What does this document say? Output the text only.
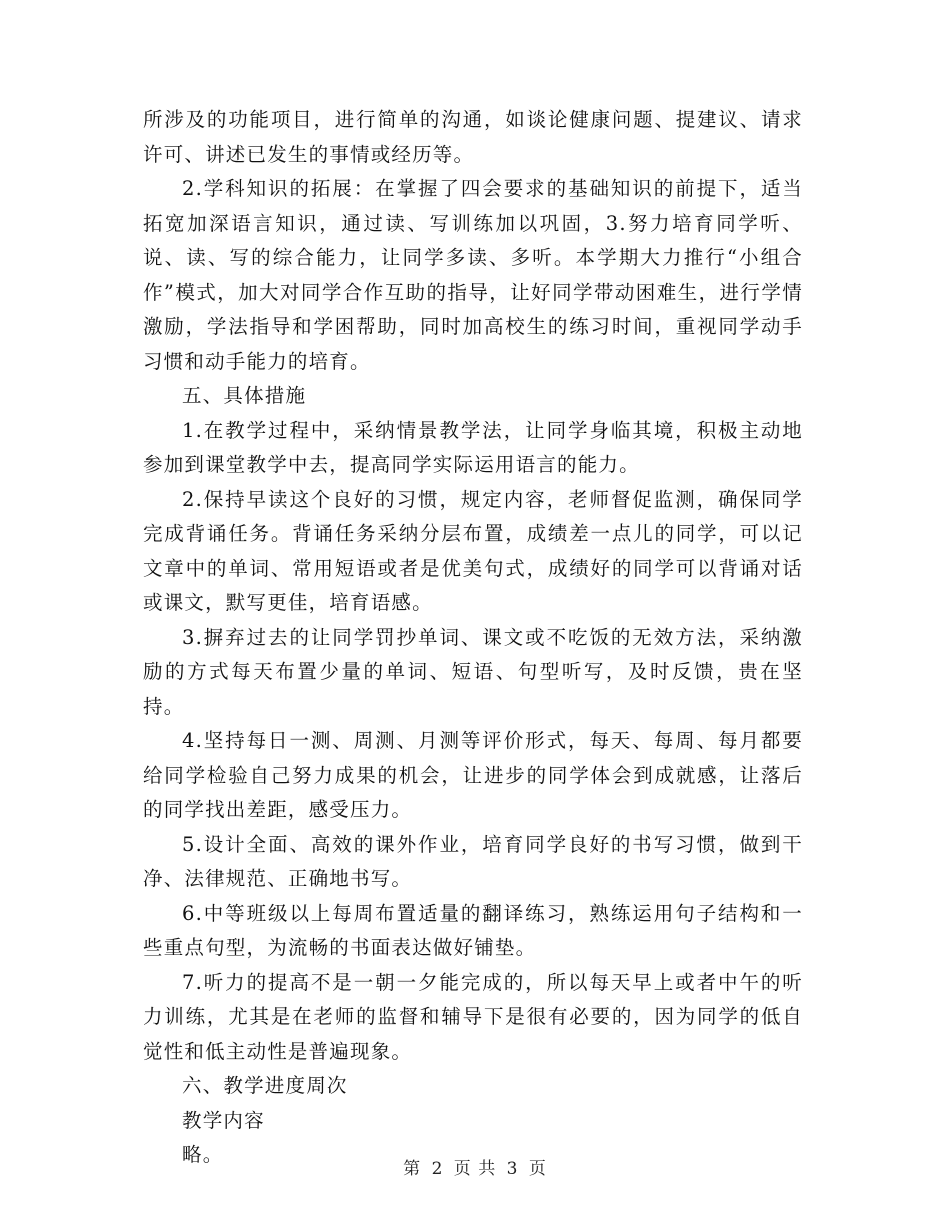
所涉及的功能项目，进行简单的沟通，如谈论健康问题、提建议、请求许可、讲述已发生的事情或经历等。

2.学科知识的拓展：在掌握了四会要求的基础知识的前提下，适当拓宽加深语言知识，通过读、写训练加以巩固，3.努力培育同学听、说、读、写的综合能力，让同学多读、多听。本学期大力推行“小组合作”模式，加大对同学合作互助的指导，让好同学带动困难生，进行学情激励，学法指导和学困帮助，同时加高校生的练习时间，重视同学动手习惯和动手能力的培育。

五、具体措施

1.在教学过程中，采纳情景教学法，让同学身临其境，积极主动地参加到课堂教学中去，提高同学实际运用语言的能力。

2.保持早读这个良好的习惯，规定内容，老师督促监测，确保同学完成背诵任务。背诵任务采纳分层布置，成绩差一点儿的同学，可以记文章中的单词、常用短语或者是优美句式，成绩好的同学可以背诵对话或课文，默写更佳，培育语感。

3.摒弃过去的让同学罚抄单词、课文或不吃饭的无效方法，采纳激励的方式每天布置少量的单词、短语、句型听写，及时反馈，贵在坚持。

4.坚持每日一测、周测、月测等评价形式，每天、每周、每月都要给同学检验自己努力成果的机会，让进步的同学体会到成就感，让落后的同学找出差距，感受压力。

5.设计全面、高效的课外作业，培育同学良好的书写习惯，做到干净、法律规范、正确地书写。

6.中等班级以上每周布置适量的翻译练习，熟练运用句子结构和一些重点句型，为流畅的书面表达做好铺垫。

7.听力的提高不是一朝一夕能完成的，所以每天早上或者中午的听力训练，尤其是在老师的监督和辅导下是很有必要的，因为同学的低自觉性和低主动性是普遍现象。

六、教学进度周次

教学内容

略。

第 2 页 共 3 页
